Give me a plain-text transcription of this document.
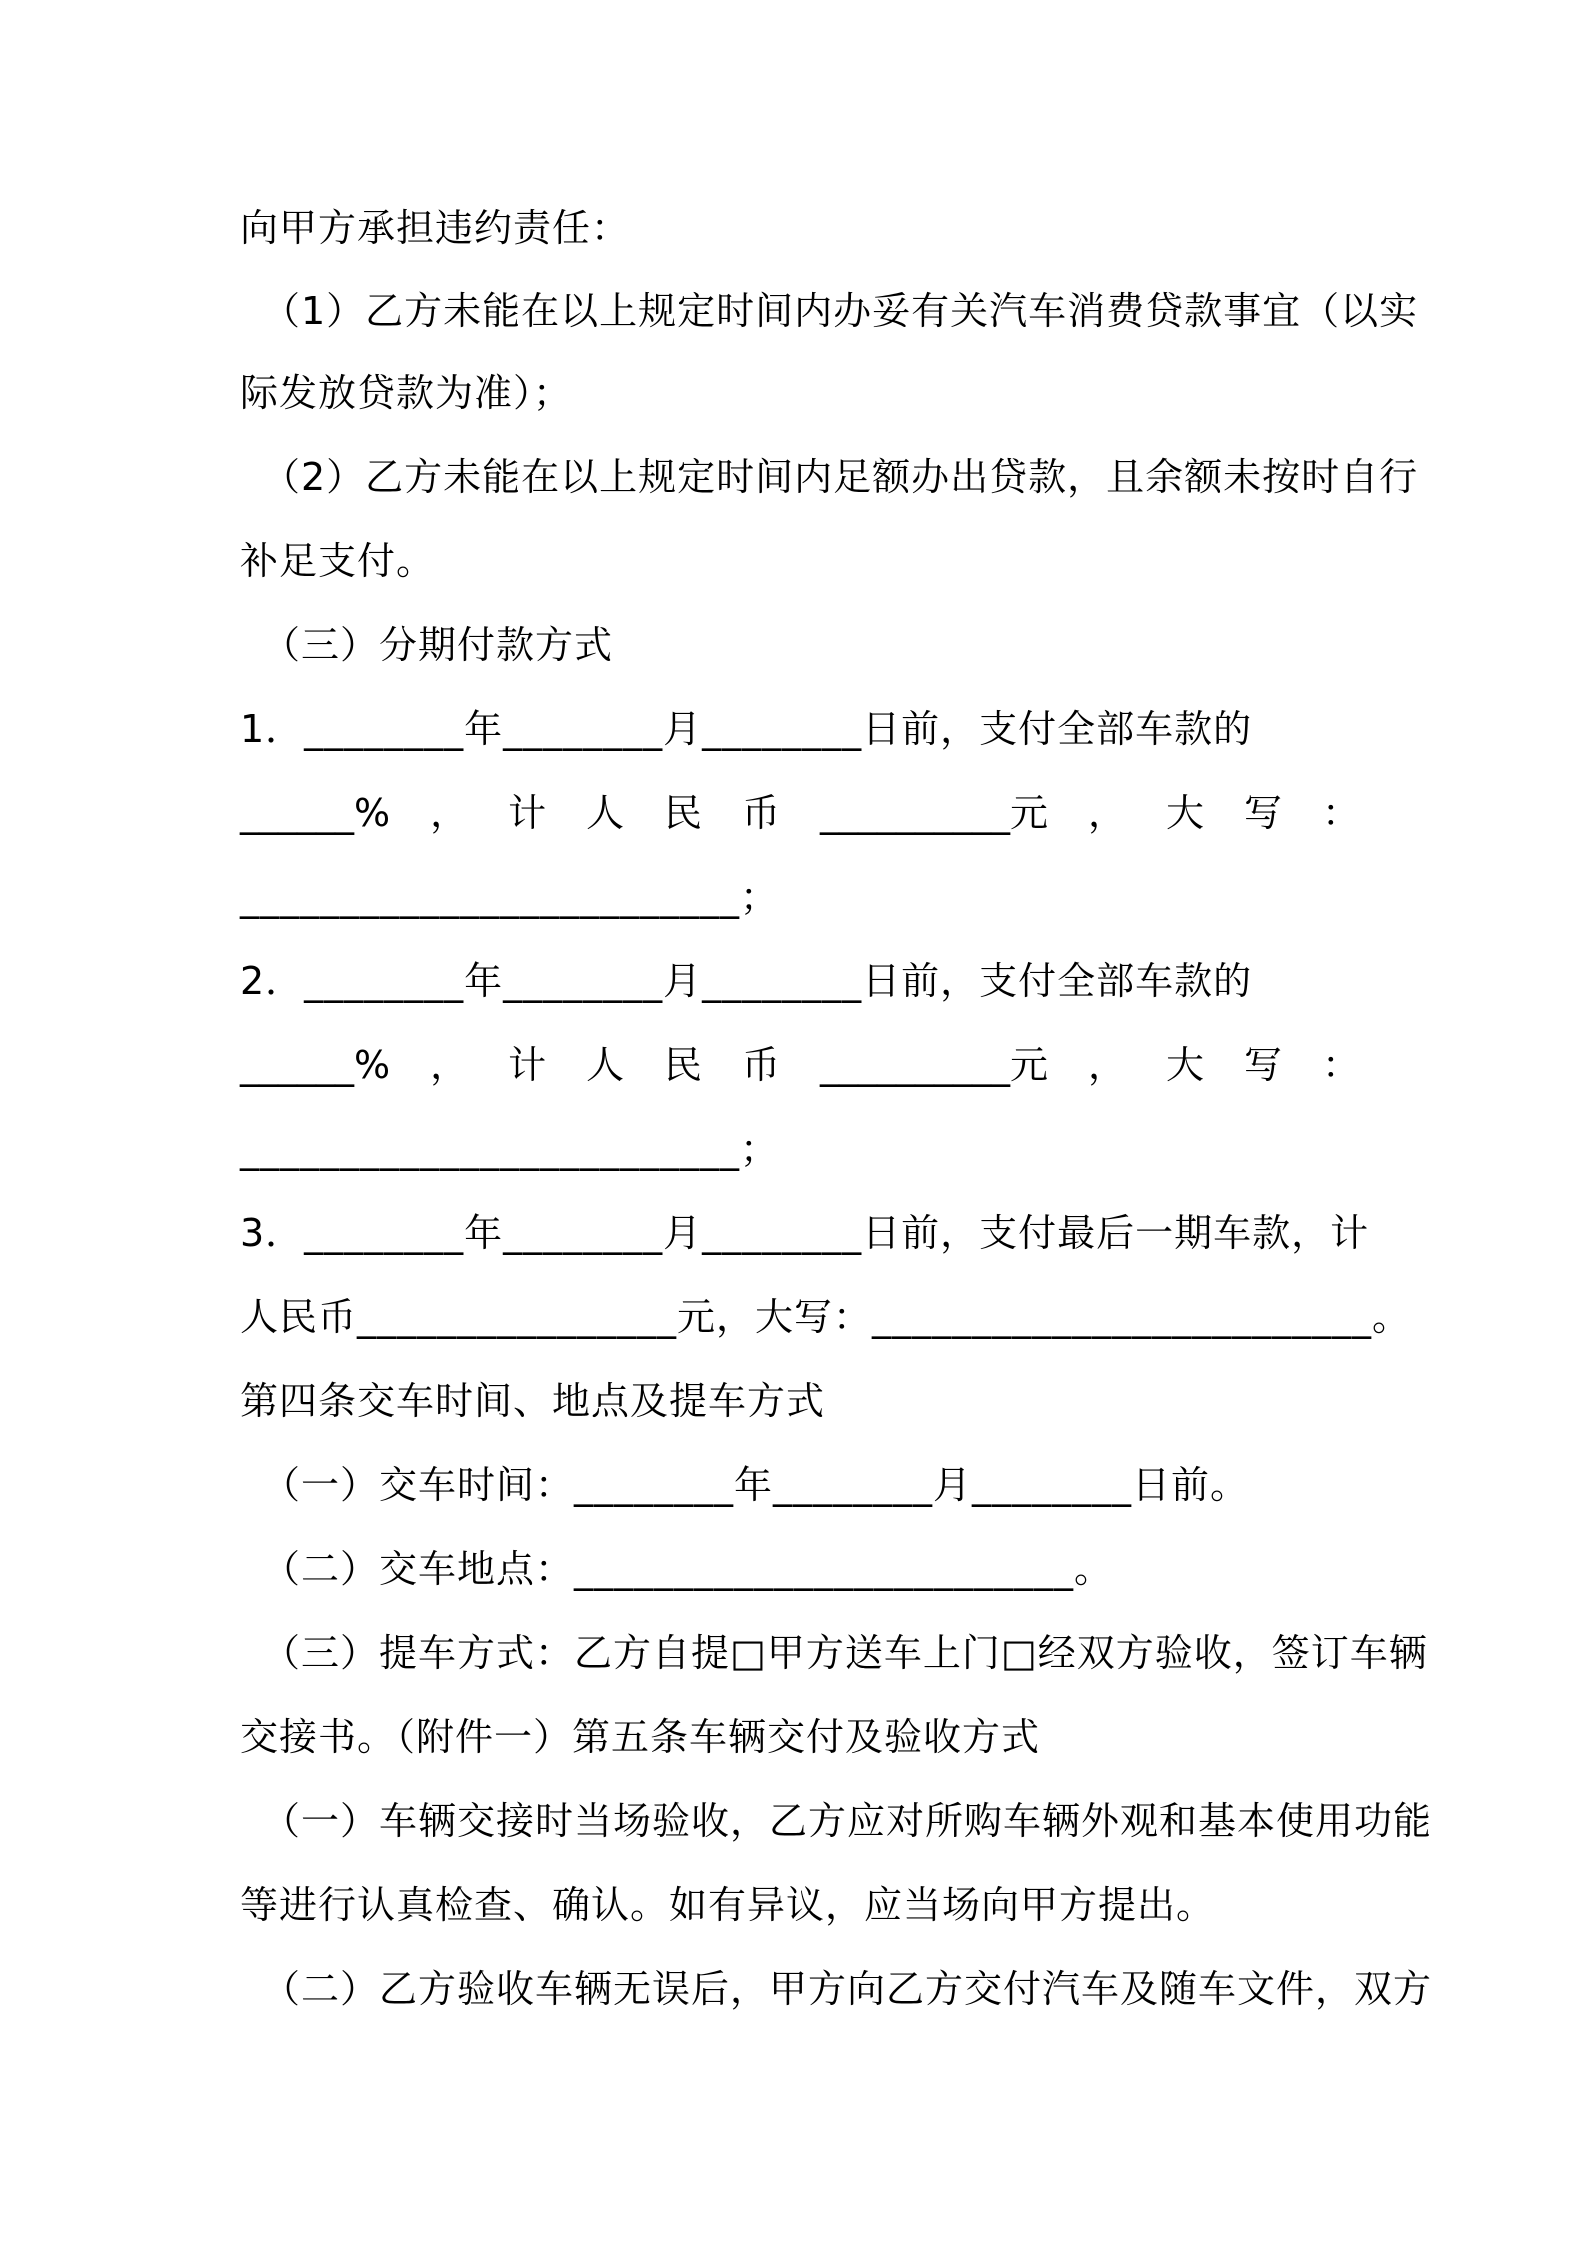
向甲方承担违约责任：
（1）乙方未能在以上规定时间内办妥有关汽车消费贷款事宜（以实
际发放贷款为准）；
（2）乙方未能在以上规定时间内足额办出贷款，且余额未按时自行
补足支付。
（三）分期付款方式
1．________年________月________日前，支付全部车款的
______% ， 计 人 民 币 __________元 ， 大 写 ：
_________________________；
2．________年________月________日前，支付全部车款的
______% ， 计 人 民 币 __________元 ， 大 写 ：
_________________________；
3．________年________月________日前，支付最后一期车款，计
人民币________________元，大写：_________________________。
第四条交车时间、地点及提车方式
（一）交车时间：________年________月________日前。
（二）交车地点：_________________________。
（三）提车方式：乙方自提□甲方送车上门□经双方验收，签订车辆
交接书。（附件一）第五条车辆交付及验收方式
（一）车辆交接时当场验收，乙方应对所购车辆外观和基本使用功能
等进行认真检查、确认。如有异议，应当场向甲方提出。
（二）乙方验收车辆无误后，甲方向乙方交付汽车及随车文件，双方
